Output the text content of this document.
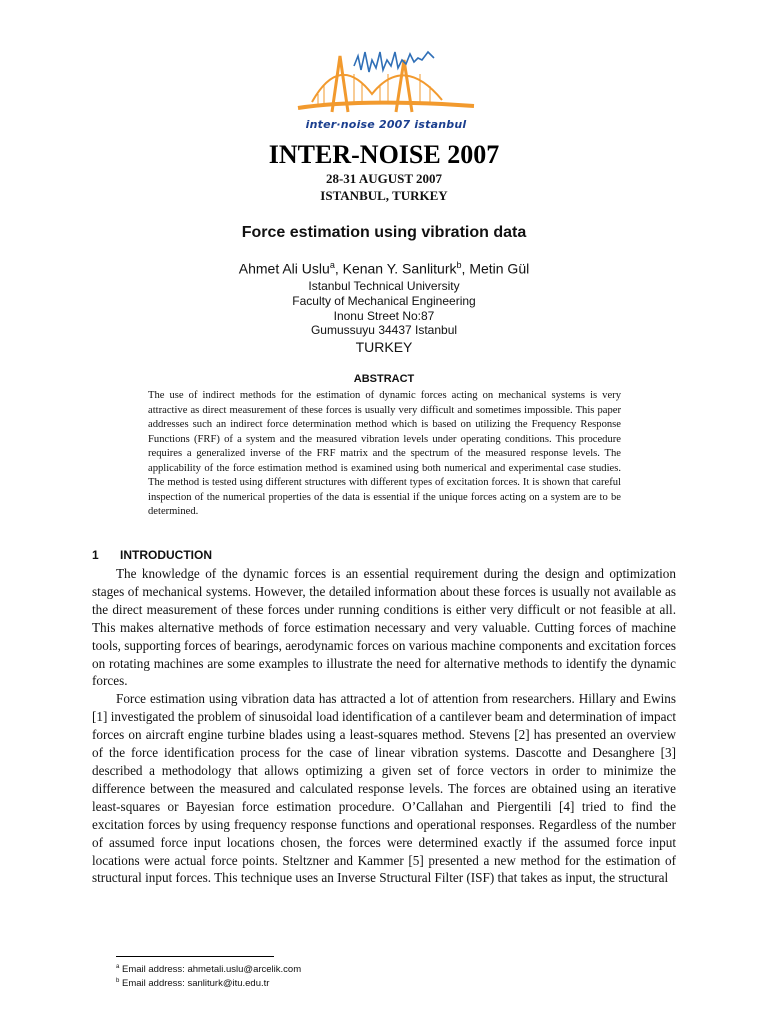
inter·noise 2007 istanbul
INTER-NOISE 2007
28-31 AUGUST 2007
ISTANBUL, TURKEY
Force estimation using vibration data
Ahmet Ali Uslu$^a$, Kenan Y. Sanliturk$^b$, Metin Gül
Istanbul Technical University
Faculty of Mechanical Engineering
Inonu Street No:87
Gumussuyu 34437 Istanbul
TURKEY
ABSTRACT
The use of indirect methods for the estimation of dynamic forces acting on mechanical systems is very attractive as direct measurement of these forces is usually very difficult and sometimes impossible. This paper addresses such an indirect force determination method which is based on utilizing the Frequency Response Functions (FRF) of a system and the measured vibration levels under operating conditions. This procedure requires a generalized inverse of the FRF matrix and the spectrum of the measured response levels. The applicability of the force estimation method is examined using both numerical and experimental case studies. The method is tested using different structures with different types of excitation forces. It is shown that careful inspection of the numerical properties of the data is essential if the unique forces acting on a system are to be determined.
1 INTRODUCTION

The knowledge of the dynamic forces is an essential requirement during the design and optimization stages of mechanical systems. However, the detailed information about these forces is usually not available as the direct measurement of these forces under running conditions is either very difficult or not feasible at all. This makes alternative methods of force estimation necessary and very valuable. Cutting forces of machine tools, supporting forces of bearings, aerodynamic forces on various machine components and excitation forces on rotating machines are some examples to illustrate the need for alternative methods to identify the dynamic forces.

Force estimation using vibration data has attracted a lot of attention from researchers. Hillary and Ewins [1] investigated the problem of sinusoidal load identification of a cantilever beam and determination of impact forces on aircraft engine turbine blades using a least-squares method. Stevens [2] has presented an overview of the force identification process for the case of linear vibration systems. Dascotte and Desanghere [3] described a methodology that allows optimizing a given set of force vectors in order to minimize the difference between the measured and calculated response levels. The forces are obtained using an iterative least-squares or Bayesian force estimation procedure. O’Callahan and Piergentili [4] tried to find the excitation forces by using frequency response functions and operational responses. Regardless of the number of assumed force input locations chosen, the forces were determined exactly if the assumed force input locations were actual force points. Steltzner and Kammer [5] presented a new method for the estimation of structural input forces. This technique uses an Inverse Structural Filter (ISF) that takes as input, the structural

$^a$ Email address: ahmetali.uslu@arcelik.com
$^b$ Email address: sanliturk@itu.edu.tr
